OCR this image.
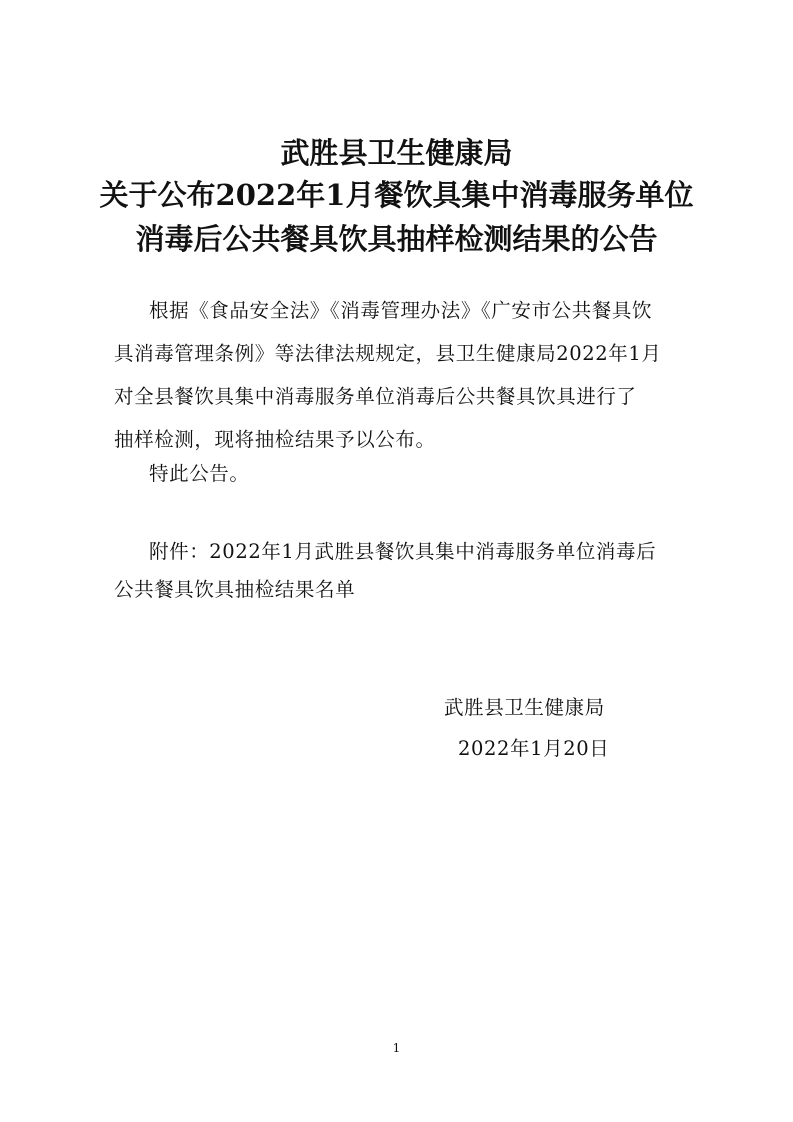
武胜县卫生健康局
关于公布2022年1月餐饮具集中消毒服务单位
消毒后公共餐具饮具抽样检测结果的公告
根据《食品安全法》《消毒管理办法》《广安市公共餐具饮
具消毒管理条例》等法律法规规定，县卫生健康局2022年1月
对全县餐饮具集中消毒服务单位消毒后公共餐具饮具进行了
抽样检测，现将抽检结果予以公布。
特此公告。
附件：2022年1月武胜县餐饮具集中消毒服务单位消毒后
公共餐具饮具抽检结果名单
武胜县卫生健康局
2022年1月20日
1
